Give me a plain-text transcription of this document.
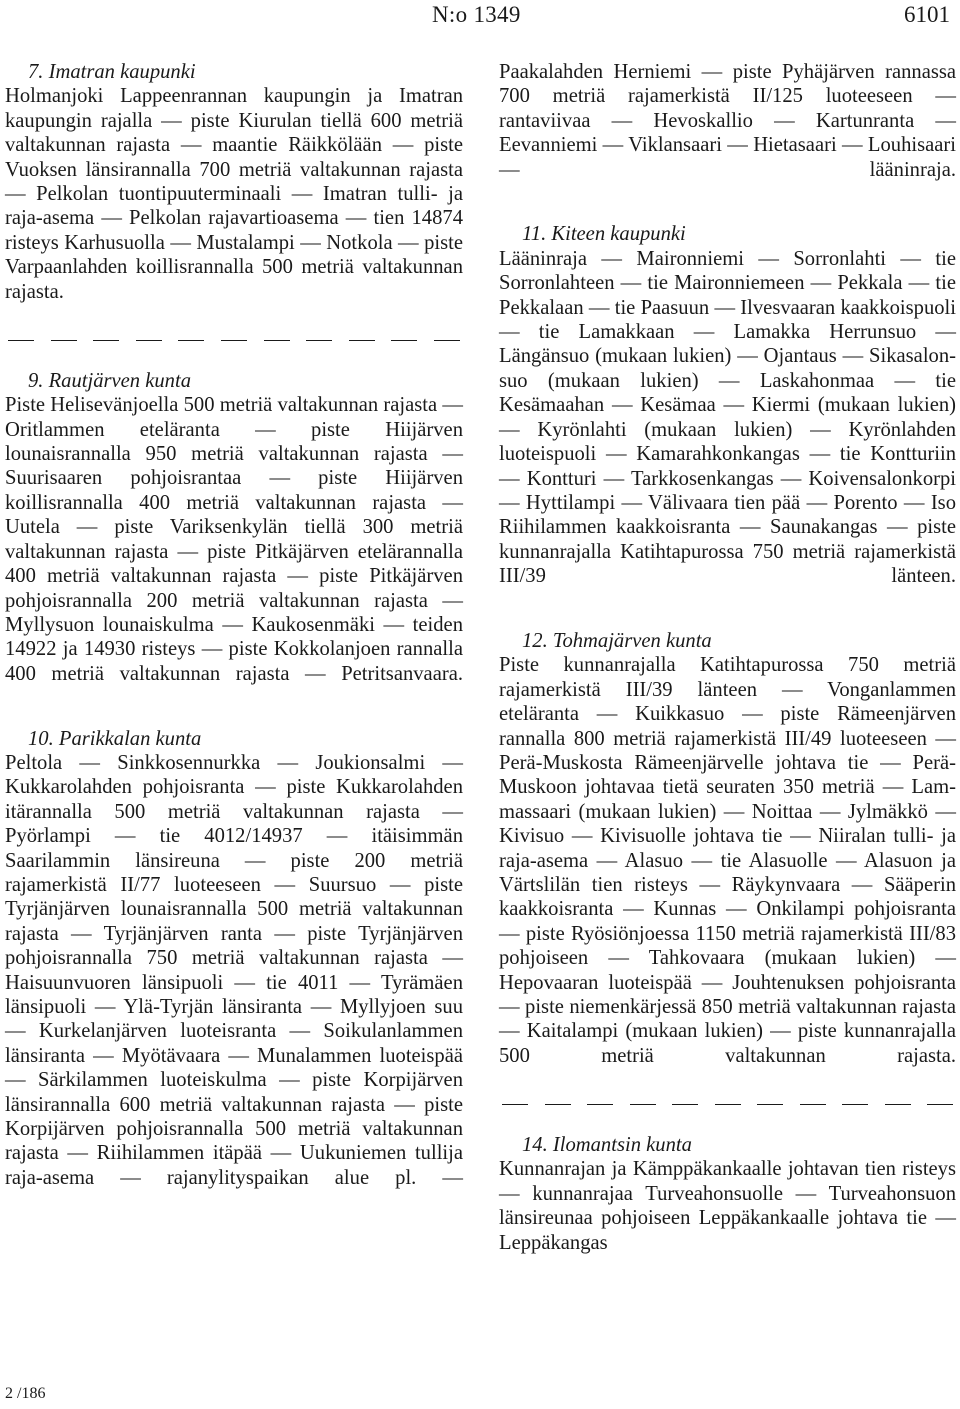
N:o 1349	6101
7. Imatran kaupunki
Holmanjoki Lappeenrannan kaupungin ja Imatran kaupungin rajalla — piste Kiurulan tiellä 600 metriä valtakunnan rajasta — maantie Räikkölään — piste Vuoksen länsirannalla 700 metriä valtakunnan rajasta — Pelkolan tuontipuuterminaali — Imatran tulli- ja raja-asema — Pelkolan rajavartioasema — tien 14874 risteys Karhusuolla — Mustalampi — Notkola — piste Varpaanlahden koillisrannalla 500 metriä valtakunnan rajasta.
9. Rautjärven kunta
Piste Helisevänjoella 500 metriä valtakunnan rajasta — Oritlammen eteläranta — piste Hiijärven lounaisrannalla 950 metriä valtakunnan rajasta — Suurisaaren pohjoisrantaa — piste Hiijärven koillisrannalla 400 metriä valtakunnan rajasta — Uutela — piste Variksenkylän tiellä 300 metriä valtakunnan rajasta — piste Pitkäjärven etelärannalla 400 metriä valtakunnan rajasta — piste Pitkäjärven pohjoisrannalla 200 metriä valtakunnan rajasta — Myllysuon lounaiskulma — Kaukosenmäki — teiden 14922 ja 14930 risteys — piste Kokkolanjoen rannalla 400 metriä valtakunnan rajasta — Petritsanvaara.
10. Parikkalan kunta
Peltola — Sinkkosennurkka — Joukionsalmi — Kukkarolahden pohjoisranta — piste Kukkarolahden itärannalla 500 metriä valtakunnan rajasta — Pyörlampi — tie 4012/14937 — itäisimmän Saarilammin länsireuna — piste 200 metriä rajamerkistä II/77 luoteeseen — Suursuo — piste Tyrjänjärven lounaisrannalla 500 metriä valtakunnan rajasta — Tyrjänjärven ranta — piste Tyrjänjärven pohjoisrannalla 750 metriä valtakunnan rajasta — Haisuunvuoren länsipuoli — tie 4011 — Tyrämäen länsipuoli — Ylä-Tyrjän länsiranta — Myllyjoen suu — Kurkelanjärven luoteisranta — Soikulanlammen länsiranta — Myötävaara — Munalammen luoteispää — Särkilammen luoteiskulma — piste Korpijärven länsirannalla 600 metriä valtakunnan rajasta — piste Korpijärven pohjoisrannalla 500 metriä valtakunnan rajasta — Riihilammen itäpää — Uukuniemen tullija raja-asema — rajanylityspaikan alue pl. —
Paakalahden Herniemi — piste Pyhäjärven rannassa 700 metriä rajamerkistä II/125 luoteeseen — rantaviivaa — Hevoskallio — Kartunranta — Eevanniemi — Viklansaari — Hietasaari — Louhisaari — lääninraja.
11. Kiteen kaupunki
Lääninraja — Maironniemi — Sorronlahti — tie Sorronlahteen — tie Maironniemeen — Pekkala — tie Pekkalaan — tie Paasuun — Ilvesvaaran kaakkoispuoli — tie Lamakkaan — Lamakka Herrunsuo — Längänsuo (mukaan lukien) — Ojantaus — Sikasalonsuo (mukaan lukien) — Laskahonmaa — tie Kesämaahan — Kesämaa — Kiermi (mukaan lukien) — Kyrönlahti (mukaan lukien) — Kyrönlahden luoteispuoli — Kamarahkonkangas — tie Kontturiin — Kontturi — Tarkkosenkangas — Koivensalonkorpi — Hyttilampi — Välivaara tien pää — Porento — Iso Riihilammen kaakkoisranta — Saunakangas — piste kunnanrajalla Katihtapurossa 750 metriä rajamerkistä III/39 länteen.
12. Tohmajärven kunta
Piste kunnanrajalla Katihtapurossa 750 metriä rajamerkistä III/39 länteen — Vonganlammen eteläranta — Kuikkasuo — piste Rämeenjärven rannalla 800 metriä rajamerkistä III/49 luoteeseen — Perä-Muskosta Rämeenjärvelle johtava tie — Perä-Muskoon johtavaa tietä seuraten 350 metriä — Lammassaari (mukaan lukien) — Noittaa — Jylmäkkö — Kivisuo — Kivisuolle johtava tie — Niiralan tulli- ja raja-asema — Alasuo — tie Alasuolle — Alasuon ja Värtslilän tien risteys — Räykynvaara — Sääperin kaakkoisranta — Kunnas — Onkilampi pohjoisranta — piste Ryösiönjoessa 1150 metriä rajamerkistä III/83 pohjoiseen — Tahkovaara (mukaan lukien) — Hepovaaran luoteispää — Jouhtenuksen pohjoisranta — piste niemenkärjessä 850 metriä valtakunnan rajasta — Kaitalampi (mukaan lukien) — piste kunnanrajalla 500 metriä valtakunnan rajasta.
14. Ilomantsin kunta
Kunnanrajan ja Kämppäkankaalle johtavan tien risteys — kunnanrajaa Turveahonsuolle — Turveahonsuon länsireunaa pohjoiseen Leppäkankaalle johtava tie — Leppäkangas
2 /186
